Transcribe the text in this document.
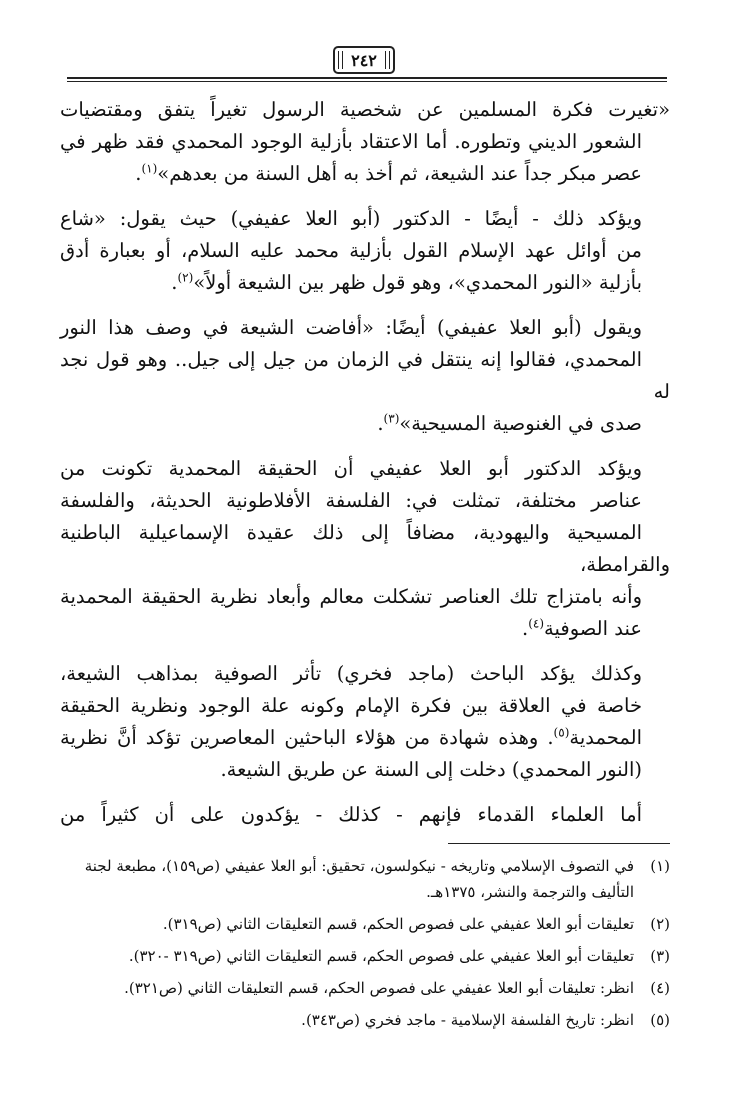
٢٤٢

«تغيرت فكرة المسلمين عن شخصية الرسول تغيراً يتفق ومقتضيات
الشعور الديني وتطوره. أما الاعتقاد بأزلية الوجود المحمدي فقد ظهر في
عصر مبكر جداً عند الشيعة، ثم أخذ به أهل السنة من بعدهم»$^{(١)}$.

ويؤكد ذلك - أيضًا - الدكتور (أبو العلا عفيفي) حيث يقول: «شاع
من أوائل عهد الإسلام القول بأزلية محمد عليه السلام، أو بعبارة أدق
بأزلية «النور المحمدي»، وهو قول ظهر بين الشيعة أولاً»$^{(٢)}$.

ويقول (أبو العلا عفيفي) أيضًا: «أفاضت الشيعة في وصف هذا النور
المحمدي، فقالوا إنه ينتقل في الزمان من جيل إلى جيل.. وهو قول نجد له
صدى في الغنوصية المسيحية»$^{(٣)}$.

ويؤكد الدكتور أبو العلا عفيفي أن الحقيقة المحمدية تكونت من
عناصر مختلفة، تمثلت في: الفلسفة الأفلاطونية الحديثة، والفلسفة
المسيحية واليهودية، مضافاً إلى ذلك عقيدة الإسماعيلية الباطنية والقرامطة،
وأنه بامتزاج تلك العناصر تشكلت معالم وأبعاد نظرية الحقيقة المحمدية
عند الصوفية$^{(٤)}$.

وكذلك يؤكد الباحث (ماجد فخري) تأثر الصوفية بمذاهب الشيعة،
خاصة في العلاقة بين فكرة الإمام وكونه علة الوجود ونظرية الحقيقة
المحمدية$^{(٥)}$. وهذه شهادة من هؤلاء الباحثين المعاصرين تؤكد أنَّ نظرية
(النور المحمدي) دخلت إلى السنة عن طريق الشيعة.

أما العلماء القدماء فإنهم - كذلك - يؤكدون على أن كثيراً من

(١)
في التصوف الإسلامي وتاريخه - نيكولسون، تحقيق: أبو العلا عفيفي (ص١٥٩)، مطبعة لجنة التأليف والترجمة والنشر، ١٣٧٥هـ.
(٢)
تعليقات أبو العلا عفيفي على فصوص الحكم، قسم التعليقات الثاني (ص٣١٩).
(٣)
تعليقات أبو العلا عفيفي على فصوص الحكم، قسم التعليقات الثاني (ص٣١٩ -٣٢٠).
(٤)
انظر: تعليقات أبو العلا عفيفي على فصوص الحكم، قسم التعليقات الثاني (ص٣٢١).
(٥)
انظر: تاريخ الفلسفة الإسلامية - ماجد فخري (ص٣٤٣).
